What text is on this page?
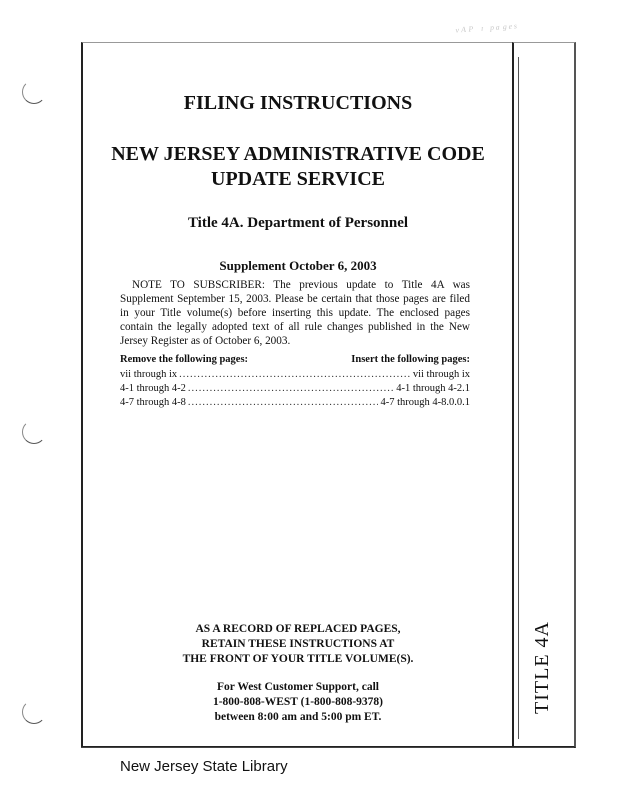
ᵛᴬᴾ ᶦ ᵖᵃᵍᵉˢ
TITLE 4A
FILING INSTRUCTIONS
NEW JERSEY ADMINISTRATIVE CODE
UPDATE SERVICE
Title 4A. Department of Personnel
Supplement October 6, 2003
NOTE TO SUBSCRIBER: The previous update to Title 4A was Supplement September 15, 2003. Please be certain that those pages are filed in your Title volume(s) before inserting this update. The enclosed pages contain the legally adopted text of all rule changes published in the New Jersey Register as of October 6, 2003.
Remove the following pages:	Insert the following pages:
vii through ix .....	vii through ix
4-1 through 4-2 .....	4-1 through 4-2.1
4-7 through 4-8 .....	4-7 through 4-8.0.0.1
AS A RECORD OF REPLACED PAGES,
RETAIN THESE INSTRUCTIONS AT
THE FRONT OF YOUR TITLE VOLUME(S).
For West Customer Support, call
1-800-808-WEST (1-800-808-9378)
between 8:00 am and 5:00 pm ET.
New Jersey State Library
